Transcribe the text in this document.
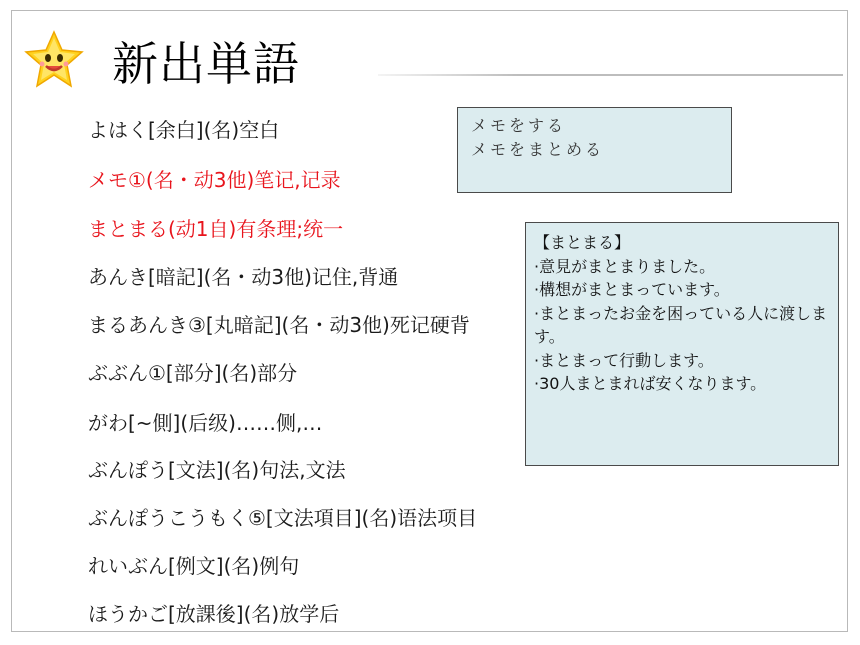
新出単語
よはく[余白](名)空白
メモ①(名・动3他)笔记,记录
まとまる(动1自)有条理;统一
あんき[暗記](名・动3他)记住,背通
まるあんき③[丸暗記](名・动3他)死记硬背
ぶぶん①[部分](名)部分
がわ[~側](后级)……侧,…
ぶんぽう[文法](名)句法,文法
ぶんぽうこうもく⑤[文法項目](名)语法项目
れいぶん[例文](名)例句
ほうかご[放課後](名)放学后
メモをする
メモをまとめる
【まとまる】
·意見がまとまりました。
·構想がまとまっています。
·まとまったお金を困っている人に渡します。
·まとまって行動します。
·30人まとまれば安くなります。
